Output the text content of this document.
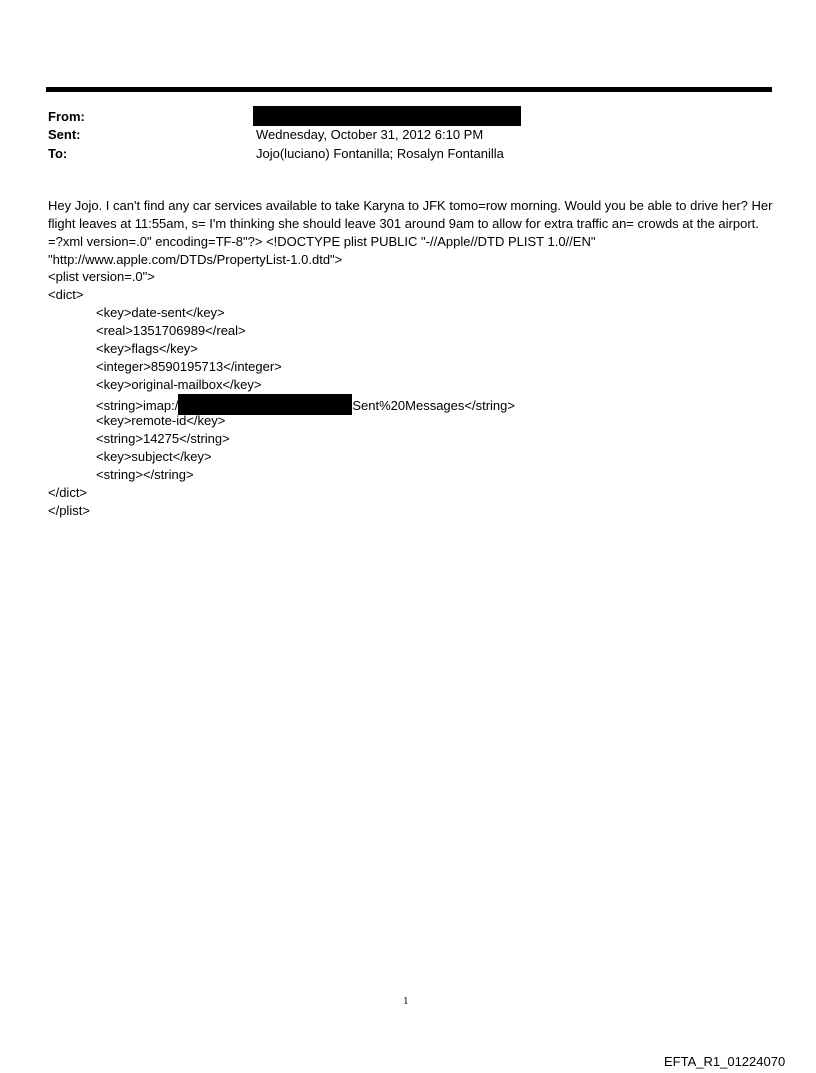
From:
Sent:	Wednesday, October 31, 2012 6:10 PM
To:	Jojo(luciano) Fontanilla; Rosalyn Fontanilla

Hey Jojo. I can't find any car services available to take Karyna to JFK tomo=row morning. Would you be able to drive her? Her flight leaves at 11:55am, s= I'm thinking she should leave 301 around 9am to allow for extra traffic an= crowds at the airport. =?xml version=.0" encoding=TF-8"?> <!DOCTYPE plist PUBLIC "-//Apple//DTD PLIST 1.0//EN" "http://www.apple.com/DTDs/PropertyList-1.0.dtd">

<plist version=.0">
<dict>
<key>date-sent</key>
<real>1351706989</real>
<key>flags</key>
<integer>8590195713</integer>
<key>original-mailbox</key>
<string>imap:/	Sent%20Messages</string>
<key>remote-id</key>
<string>14275</string>
<key>subject</key>
<string></string>
</dict>
</plist>
1
EFTA_R1_01224070
